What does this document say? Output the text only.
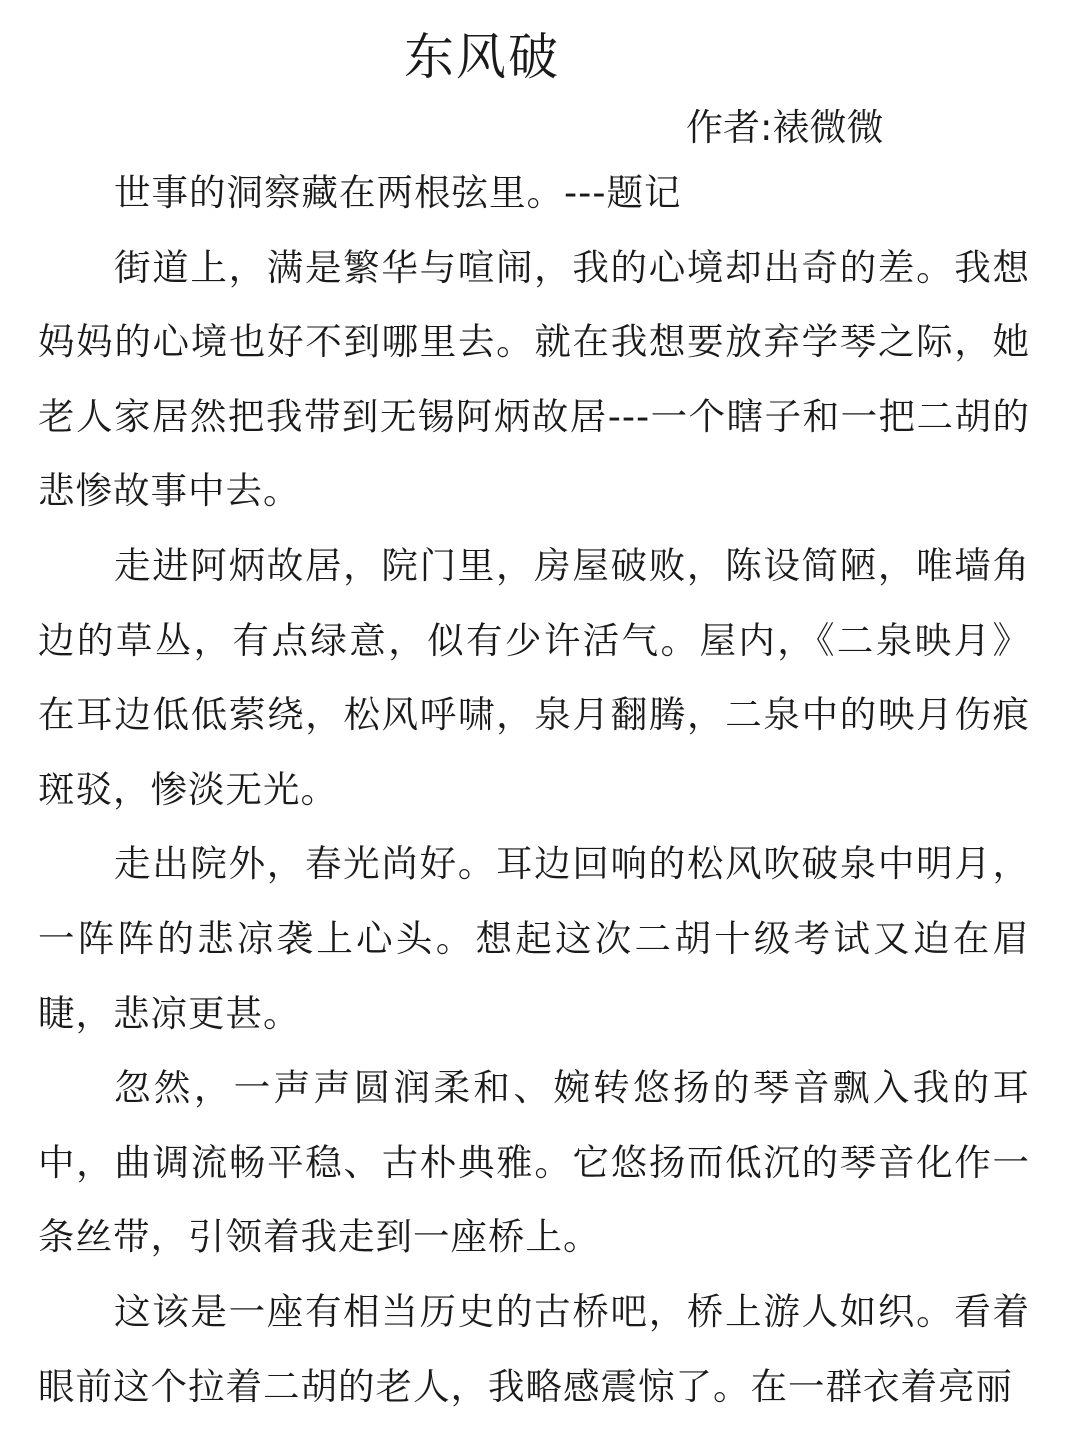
东风破
作者:裱微微

世事的洞察藏在两根弦里。---题记

街道上，满是繁华与喧闹，我的心境却出奇的差。我想妈妈的心境也好不到哪里去。就在我想要放弃学琴之际，她老人家居然把我带到无锡阿炳故居---一个瞎子和一把二胡的悲惨故事中去。

走进阿炳故居，院门里，房屋破败，陈设简陋，唯墙角边的草丛，有点绿意，似有少许活气。屋内，《二泉映月》在耳边低低萦绕，松风呼啸，泉月翻腾，二泉中的映月伤痕斑驳，惨淡无光。

走出院外，春光尚好。耳边回响的松风吹破泉中明月，一阵阵的悲凉袭上心头。想起这次二胡十级考试又迫在眉睫，悲凉更甚。

忽然，一声声圆润柔和、婉转悠扬的琴音飘入我的耳中，曲调流畅平稳、古朴典雅。它悠扬而低沉的琴音化作一条丝带，引领着我走到一座桥上。

这该是一座有相当历史的古桥吧，桥上游人如织。看着眼前这个拉着二胡的老人，我略感震惊了。在一群衣着亮丽
